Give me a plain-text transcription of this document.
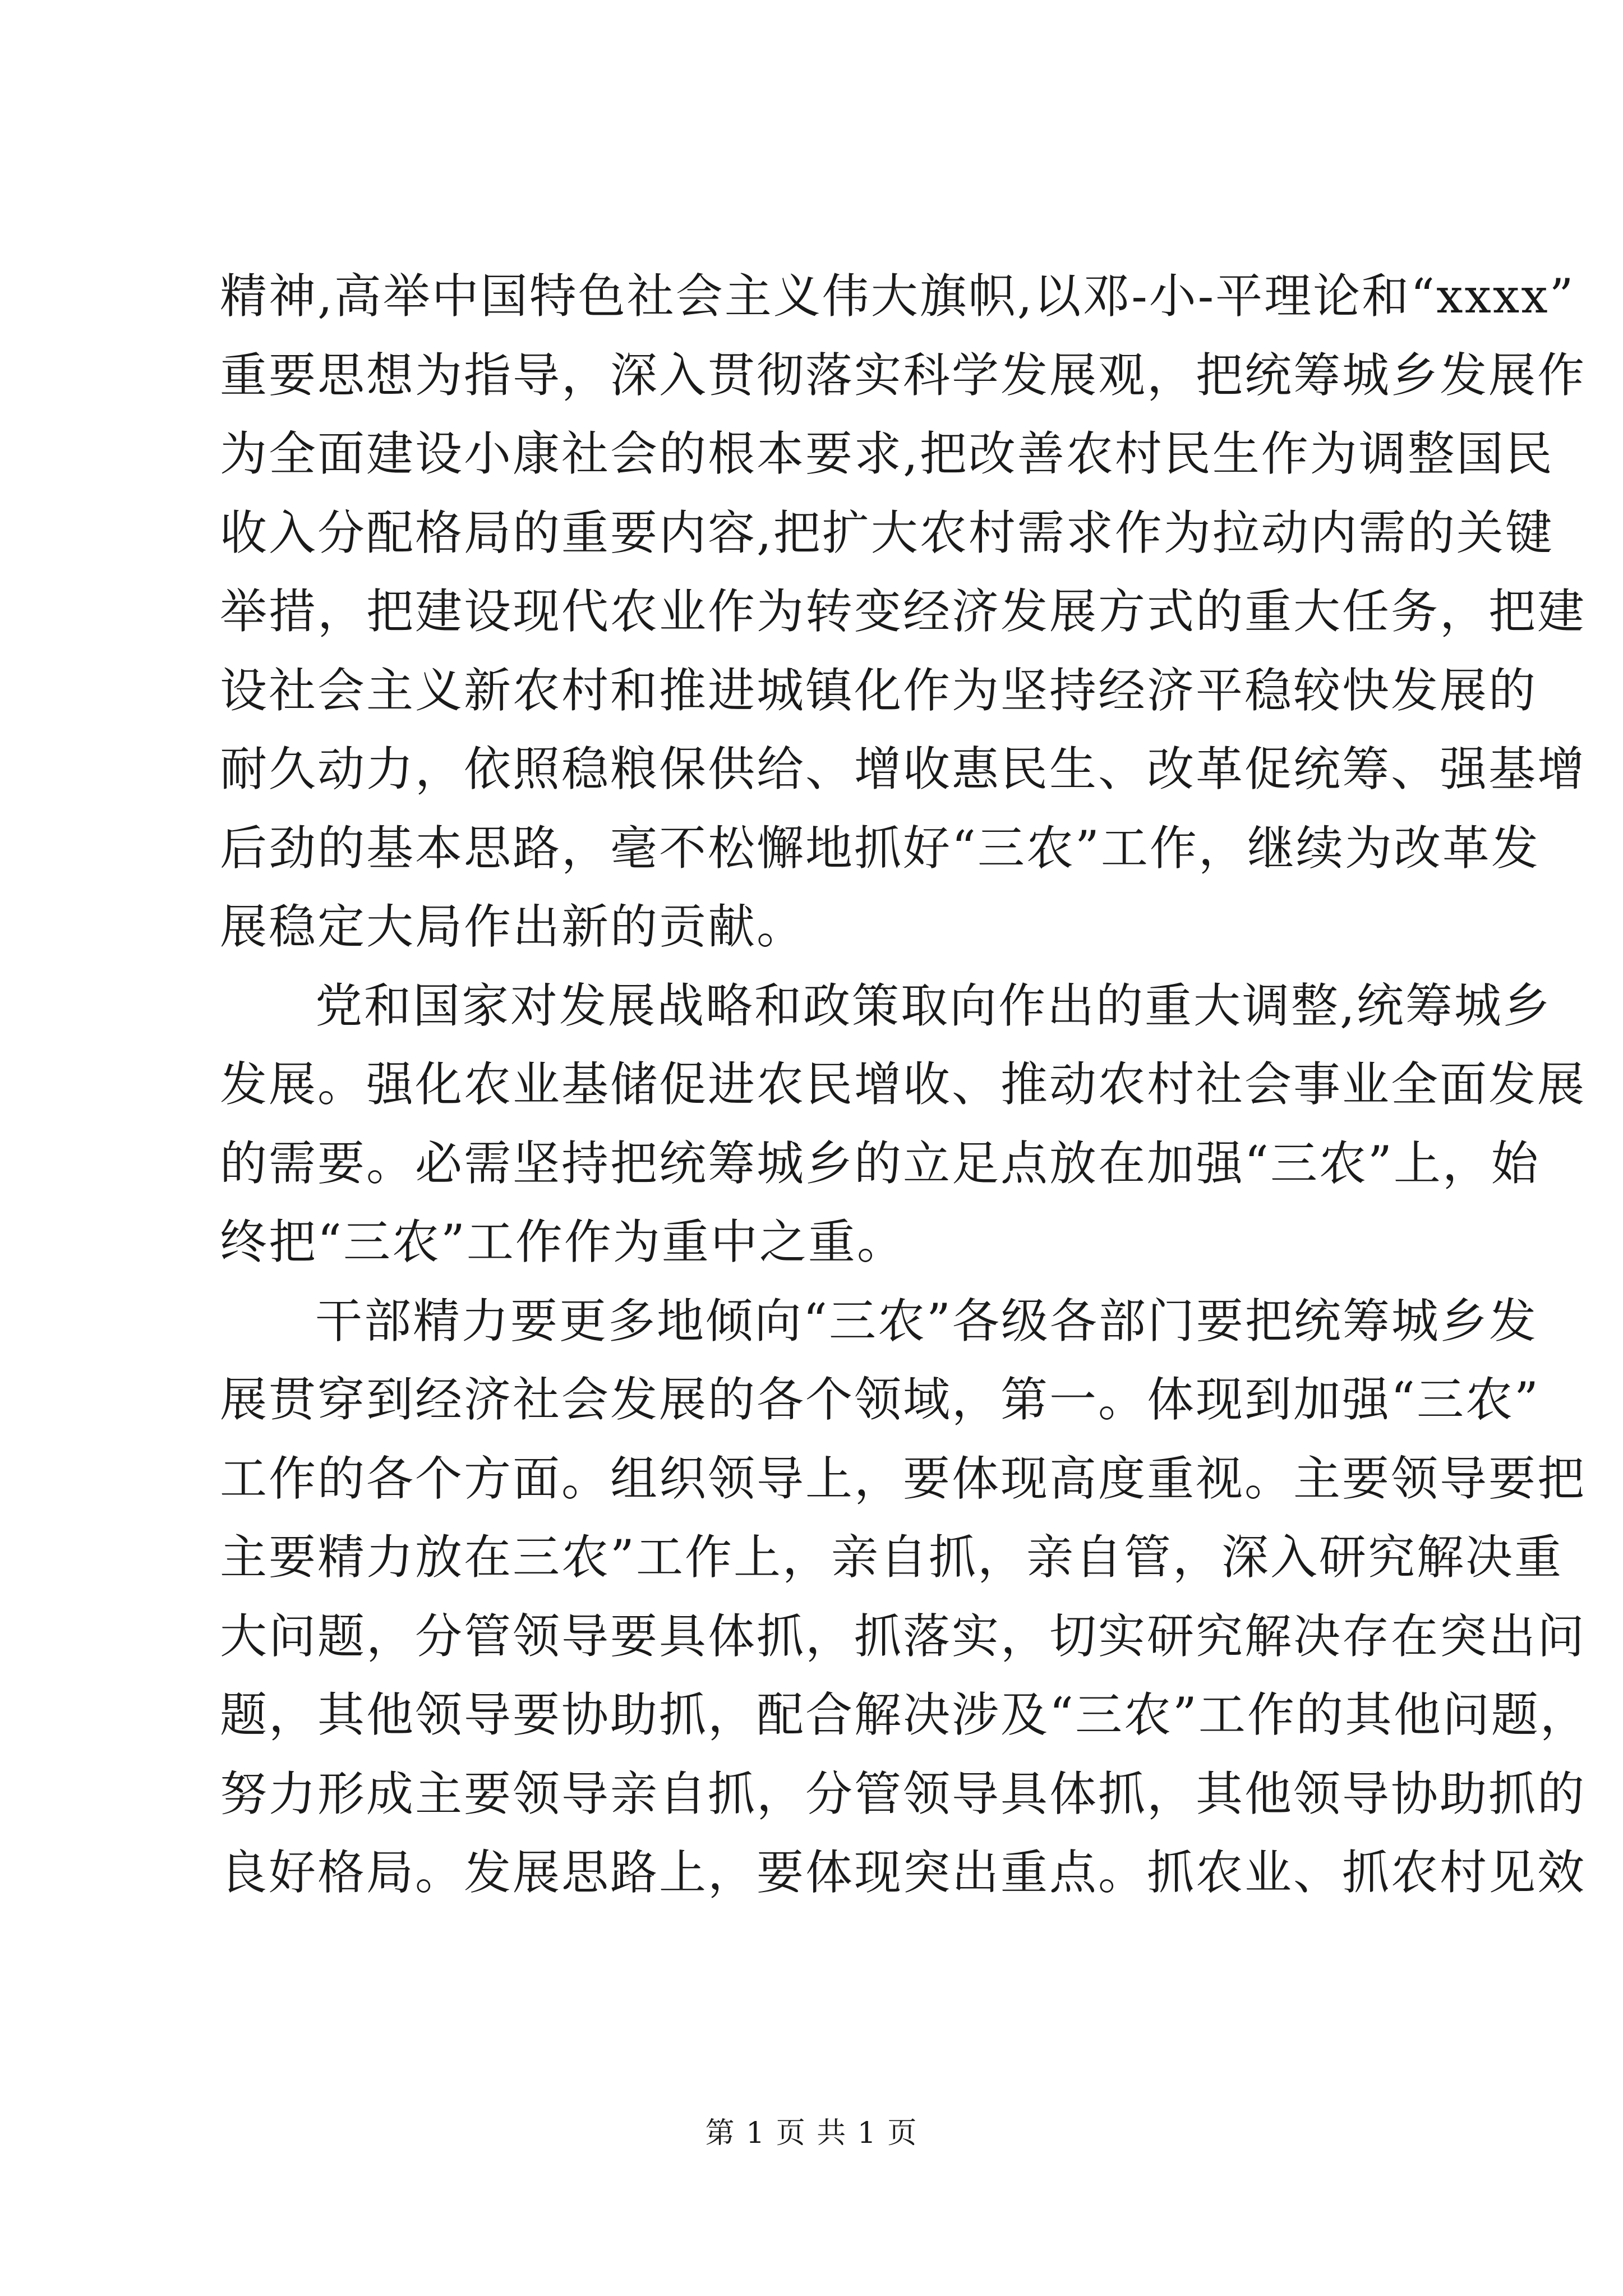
精神,高举中国特色社会主义伟大旗帜,以邓-小-平理论和“xxxx”
重要思想为指导，深入贯彻落实科学发展观，把统筹城乡发展作
为全面建设小康社会的根本要求,把改善农村民生作为调整国民
收入分配格局的重要内容,把扩大农村需求作为拉动内需的关键
举措，把建设现代农业作为转变经济发展方式的重大任务，把建
设社会主义新农村和推进城镇化作为坚持经济平稳较快发展的
耐久动力，依照稳粮保供给、增收惠民生、改革促统筹、强基增
后劲的基本思路，毫不松懈地抓好“三农”工作，继续为改革发
展稳定大局作出新的贡献。
党和国家对发展战略和政策取向作出的重大调整,统筹城乡
发展。强化农业基储促进农民增收、推动农村社会事业全面发展
的需要。必需坚持把统筹城乡的立足点放在加强“三农”上，始
终把“三农”工作作为重中之重。
干部精力要更多地倾向“三农”各级各部门要把统筹城乡发
展贯穿到经济社会发展的各个领域，第一。体现到加强“三农”
工作的各个方面。组织领导上，要体现高度重视。主要领导要把
主要精力放在三农”工作上，亲自抓，亲自管，深入研究解决重
大问题，分管领导要具体抓，抓落实，切实研究解决存在突出问
题，其他领导要协助抓，配合解决涉及“三农”工作的其他问题，
努力形成主要领导亲自抓，分管领导具体抓，其他领导协助抓的
良好格局。发展思路上，要体现突出重点。抓农业、抓农村见效
第 1 页 共 1 页
